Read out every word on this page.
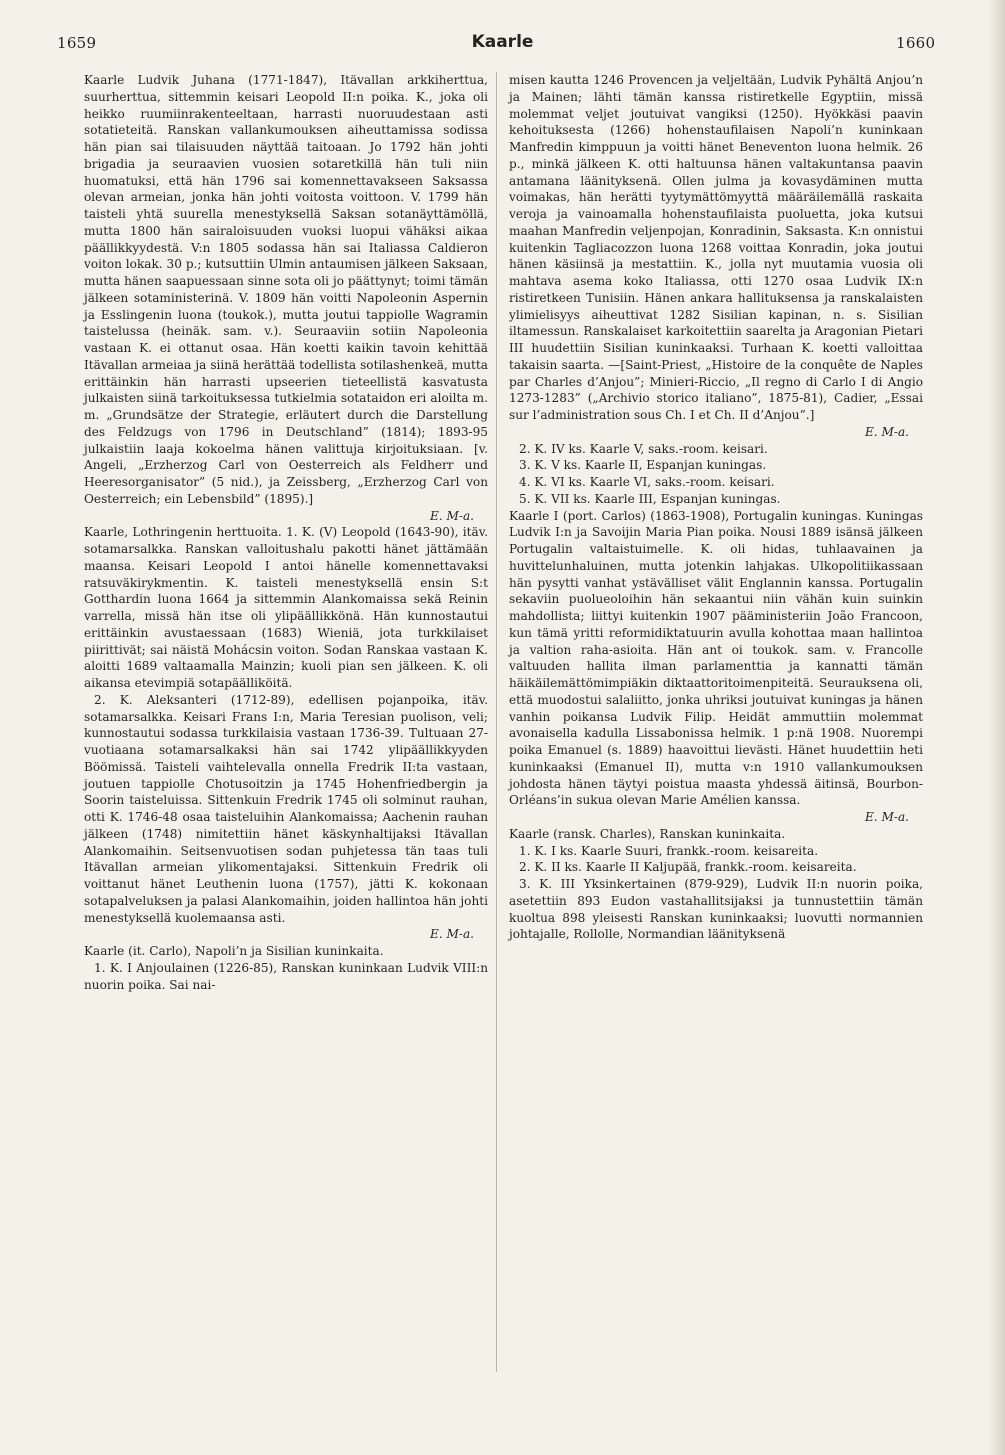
1659	Kaarle	1660

Kaarle Ludvik Juhana (1771-1847), Itävallan arkkiherttua, suurherttua, sittemmin keisari Leopold II:n poika. K., joka oli heikko ruumiinrakenteeltaan, harrasti nuoruudestaan asti sotatieteitä. Ranskan vallankumouksen aiheuttamissa sodissa hän pian sai tilaisuuden näyttää taitoaan. Jo 1792 hän johti brigadia ja seuraavien vuosien sotaretkillä hän tuli niin huomatuksi, että hän 1796 sai komennettavakseen Saksassa olevan armeian, jonka hän johti voitosta voittoon. V. 1799 hän taisteli yhtä suurella menestyksellä Saksan sotanäyttämöllä, mutta 1800 hän sairaloisuuden vuoksi luopui vähäksi aikaa päällikkyydestä. V:n 1805 sodassa hän sai Italiassa Caldieron voiton lokak. 30 p.; kutsuttiin Ulmin antaumisen jälkeen Saksaan, mutta hänen saapuessaan sinne sota oli jo päättynyt; toimi tämän jälkeen sotaministerinä. V. 1809 hän voitti Napoleonin Aspernin ja Esslingenin luona (toukok.), mutta joutui tappiolle Wagramin taistelussa (heinäk. sam. v.). Seuraaviin sotiin Napoleonia vastaan K. ei ottanut osaa. Hän koetti kaikin tavoin kehittää Itävallan armeiaa ja siinä herättää todellista sotilashenkeä, mutta erittäinkin hän harrasti upseerien tieteellistä kasvatusta julkaisten siinä tarkoituksessa tutkielmia sotataidon eri aloilta m. m. „Grundsätze der Strategie, erläutert durch die Darstellung des Feldzugs von 1796 in Deutschland” (1814); 1893-95 julkaistiin laaja kokoelma hänen valittuja kirjoituksiaan. [v. Angeli, „Erzherzog Carl von Oesterreich als Feldherr und Heeresorganisator” (5 nid.), ja Zeissberg, „Erzherzog Carl von Oesterreich; ein Lebensbild” (1895).]

E. M-a.

Kaarle, Lothringenin herttuoita. 1. K. (V) Leopold (1643-90), itäv. sotamarsalkka. Ranskan valloitushalu pakotti hänet jättämään maansa. Keisari Leopold I antoi hänelle komennettavaksi ratsuväkirykmentin. K. taisteli menestyksellä ensin S:t Gotthardin luona 1664 ja sittemmin Alankomaissa sekä Reinin varrella, missä hän itse oli ylipäällikkönä. Hän kunnostautui erittäinkin avustaessaan (1683) Wieniä, jota turkkilaiset piirittivät; sai näistä Mohácsin voiton. Sodan Ranskaa vastaan K. aloitti 1689 valtaamalla Mainzin; kuoli pian sen jälkeen. K. oli aikansa etevimpiä sotapäälliköitä.

2. K. Aleksanteri (1712-89), edellisen pojanpoika, itäv. sotamarsalkka. Keisari Frans I:n, Maria Teresian puolison, veli; kunnostautui sodassa turkkilaisia vastaan 1736-39. Tultuaan 27-vuotiaana sotamarsalkaksi hän sai 1742 ylipäällikkyyden Böömissä. Taisteli vaihtelevalla onnella Fredrik II:ta vastaan, joutuen tappiolle Chotusoitzin ja 1745 Hohenfriedbergin ja Soorin taisteluissa. Sittenkuin Fredrik 1745 oli solminut rauhan, otti K. 1746-48 osaa taisteluihin Alankomaissa; Aachenin rauhan jälkeen (1748) nimitettiin hänet käskynhaltijaksi Itävallan Alankomaihin. Seitsenvuotisen sodan puhjetessa tän taas tuli Itävallan armeian ylikomentajaksi. Sittenkuin Fredrik oli voittanut hänet Leuthenin luona (1757), jätti K. kokonaan sotapalveluksen ja palasi Alankomaihin, joiden hallintoa hän johti menestyksellä kuolemaansa asti.

E. M-a.

Kaarle (it. Carlo), Napoli’n ja Sisilian kuninkaita.

1. K. I Anjoulainen (1226-85), Ranskan kuninkaan Ludvik VIII:n nuorin poika. Sai nai-

misen kautta 1246 Provencen ja veljeltään, Ludvik Pyhältä Anjou’n ja Mainen; lähti tämän kanssa ristiretkelle Egyptiin, missä molemmat veljet joutuivat vangiksi (1250). Hyökkäsi paavin kehoituksesta (1266) hohenstaufilaisen Napoli’n kuninkaan Manfredin kimppuun ja voitti hänet Beneventon luona helmik. 26 p., minkä jälkeen K. otti haltuunsa hänen valtakuntansa paavin antamana läänityksenä. Ollen julma ja kovasydäminen mutta voimakas, hän herätti tyytymättömyyttä määräilemällä raskaita veroja ja vainoamalla hohenstaufilaista puoluetta, joka kutsui maahan Manfredin veljenpojan, Konradinin, Saksasta. K:n onnistui kuitenkin Tagliacozzon luona 1268 voittaa Konradin, joka joutui hänen käsiinsä ja mestattiin. K., jolla nyt muutamia vuosia oli mahtava asema koko Italiassa, otti 1270 osaa Ludvik IX:n ristiretkeen Tunisiin. Hänen ankara hallituksensa ja ranskalaisten ylimielisyys aiheuttivat 1282 Sisilian kapinan, n. s. Sisilian iltamessun. Ranskalaiset karkoitettiin saarelta ja Aragonian Pietari III huudettiin Sisilian kuninkaaksi. Turhaan K. koetti valloittaa takaisin saarta. —[Saint-Priest, „Histoire de la conquête de Naples par Charles d’Anjou”; Minieri-Riccio, „Il regno di Carlo I di Angio 1273-1283” („Archivio storico italiano”, 1875-81), Cadier, „Essai sur l’administration sous Ch. I et Ch. II d’Anjou”.]

E. M-a.

2. K. IV ks. Kaarle V, saks.-room. keisari.

3. K. V ks. Kaarle II, Espanjan kuningas.

4. K. VI ks. Kaarle VI, saks.-room. keisari.

5. K. VII ks. Kaarle III, Espanjan kuningas.

Kaarle I (port. Carlos) (1863-1908), Portugalin kuningas. Kuningas Ludvik I:n ja Savoijin Maria Pian poika. Nousi 1889 isänsä jälkeen Portugalin valtaistuimelle. K. oli hidas, tuhlaavainen ja huvittelunhaluinen, mutta jotenkin lahjakas. Ulkopolitiikassaan hän pysytti vanhat ystävälliset välit Englannin kanssa. Portugalin sekaviin puolueoloihin hän sekaantui niin vähän kuin suinkin mahdollista; liittyi kuitenkin 1907 pääministeriin João Francoon, kun tämä yritti reformidiktatuurin avulla kohottaa maan hallintoa ja valtion raha-asioita. Hän ant oi toukok. sam. v. Francolle valtuuden hallita ilman parlamenttia ja kannatti tämän häikäilemättömimpiäkin diktaattoritoimenpiteitä. Seurauksena oli, että muodostui salaliitto, jonka uhriksi joutuivat kuningas ja hänen vanhin poikansa Ludvik Filip. Heidät ammuttiin molemmat avonaisella kadulla Lissabonissa helmik. 1 p:nä 1908. Nuorempi poika Emanuel (s. 1889) haavoittui lievästi. Hänet huudettiin heti kuninkaaksi (Emanuel II), mutta v:n 1910 vallankumouksen johdosta hänen täytyi poistua maasta yhdessä äitinsä, Bourbon-Orléans’in sukua olevan Marie Amélien kanssa.

E. M-a.

Kaarle (ransk. Charles), Ranskan kuninkaita.

1. K. I ks. Kaarle Suuri, frankk.-room. keisareita.

2. K. II ks. Kaarle II Kaljupää, frankk.-room. keisareita.

3. K. III Yksinkertainen (879-929), Ludvik II:n nuorin poika, asetettiin 893 Eudon vastahallitsijaksi ja tunnustettiin tämän kuoltua 898 yleisesti Ranskan kuninkaaksi; luovutti normannien johtajalle, Rollolle, Normandian läänityksenä
